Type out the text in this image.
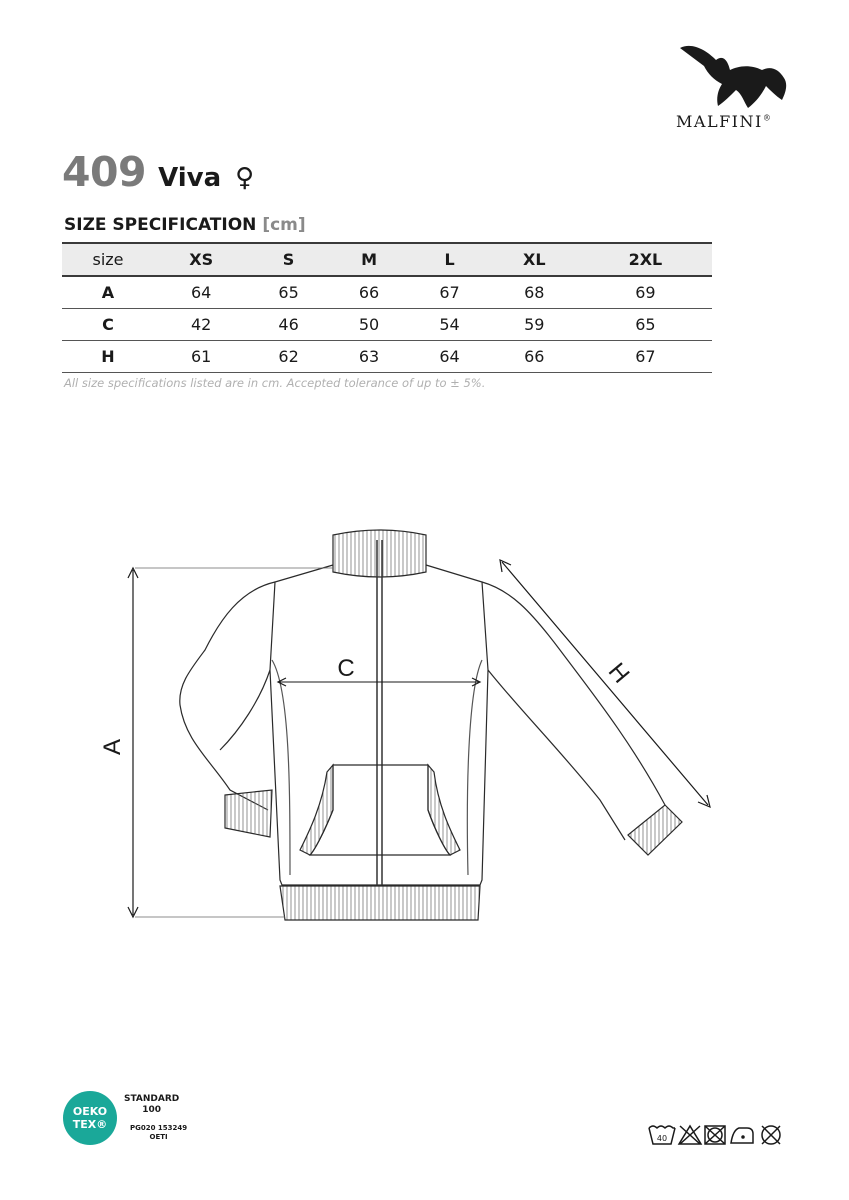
MALFINI®
409 Viva ♀
SIZE SPECIFICATION [cm]
size	XS	S	M	L	XL	2XL
A	64	65	66	67	68	69
C	42	46	50	54	59	65
H	61	62	63	64	66	67
All size specifications listed are in cm. Accepted tolerance of up to ± 5%.
A
C	H
OEKO
TEX®
STANDARD
100
PG020 153249
OETI	40
